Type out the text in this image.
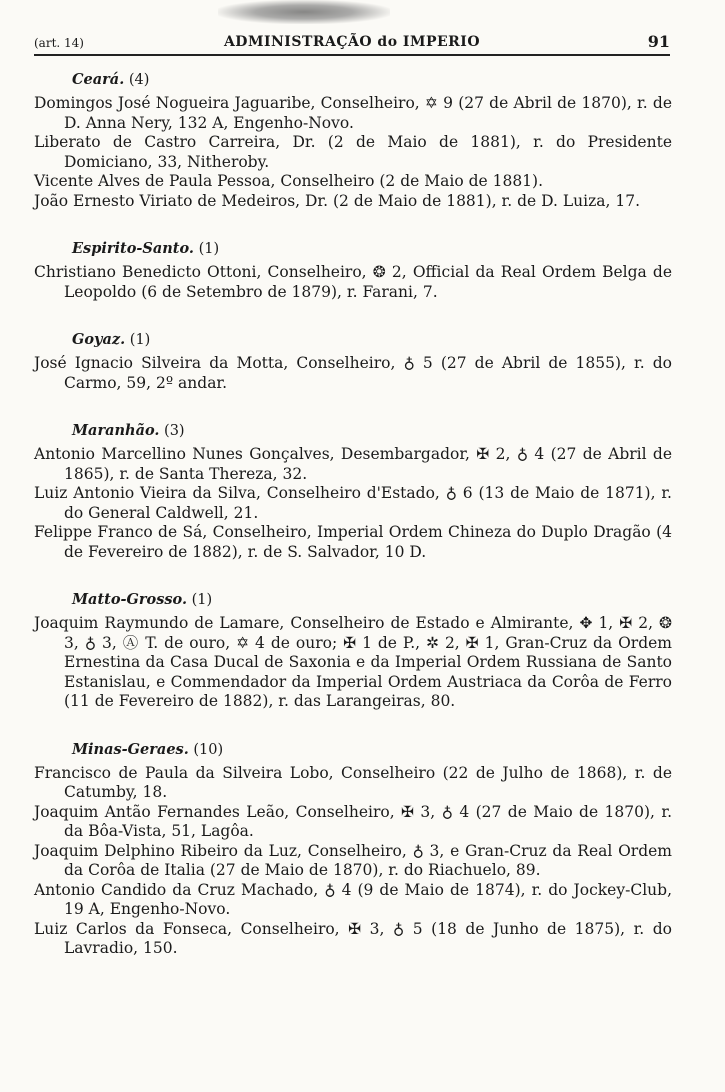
(art. 14)	ADMINISTRAÇÃO do IMPERIO	91
Ceará. (4)

Domingos José Nogueira Jaguaribe, Conselheiro, ✡ 9 (27 de Abril de 1870), r. de D. Anna Nery, 132 A, Engenho-Novo.

Liberato de Castro Carreira, Dr. (2 de Maio de 1881), r. do Presidente Domiciano, 33, Nitheroby.

Vicente Alves de Paula Pessoa, Conselheiro (2 de Maio de 1881).

João Ernesto Viriato de Medeiros, Dr. (2 de Maio de 1881), r. de D. Luiza, 17.

Espirito-Santo. (1)

Christiano Benedicto Ottoni, Conselheiro, ❂ 2, Official da Real Ordem Belga de Leopoldo (6 de Setembro de 1879), r. Farani, 7.

Goyaz. (1)

José Ignacio Silveira da Motta, Conselheiro, ♁ 5 (27 de Abril de 1855), r. do Carmo, 59, 2º andar.

Maranhão. (3)

Antonio Marcellino Nunes Gonçalves, Desembargador, ✠ 2, ♁ 4 (27 de Abril de 1865), r. de Santa Thereza, 32.

Luiz Antonio Vieira da Silva, Conselheiro d'Estado, ♁ 6 (13 de Maio de 1871), r. do General Caldwell, 21.

Felippe Franco de Sá, Conselheiro, Imperial Ordem Chineza do Duplo Dragão (4 de Fevereiro de 1882), r. de S. Salvador, 10 D.

Matto-Grosso. (1)

Joaquim Raymundo de Lamare, Conselheiro de Estado e Almirante, ✥ 1, ✠ 2, ❂ 3, ♁ 3, Ⓐ T. de ouro, ✡ 4 de ouro; ✠ 1 de P., ✲ 2, ✠ 1, Gran-Cruz da Ordem Ernestina da Casa Ducal de Saxonia e da Imperial Ordem Russiana de Santo Estanislau, e Commendador da Imperial Ordem Austriaca da Corôa de Ferro (11 de Fevereiro de 1882), r. das Larangeiras, 80.

Minas-Geraes. (10)

Francisco de Paula da Silveira Lobo, Conselheiro (22 de Julho de 1868), r. de Catumby, 18.

Joaquim Antão Fernandes Leão, Conselheiro, ✠ 3, ♁ 4 (27 de Maio de 1870), r. da Bôa-Vista, 51, Lagôa.

Joaquim Delphino Ribeiro da Luz, Conselheiro, ♁ 3, e Gran-Cruz da Real Ordem da Corôa de Italia (27 de Maio de 1870), r. do Riachuelo, 89.

Antonio Candido da Cruz Machado, ♁ 4 (9 de Maio de 1874), r. do Jockey-Club, 19 A, Engenho-Novo.

Luiz Carlos da Fonseca, Conselheiro, ✠ 3, ♁ 5 (18 de Junho de 1875), r. do Lavradio, 150.
